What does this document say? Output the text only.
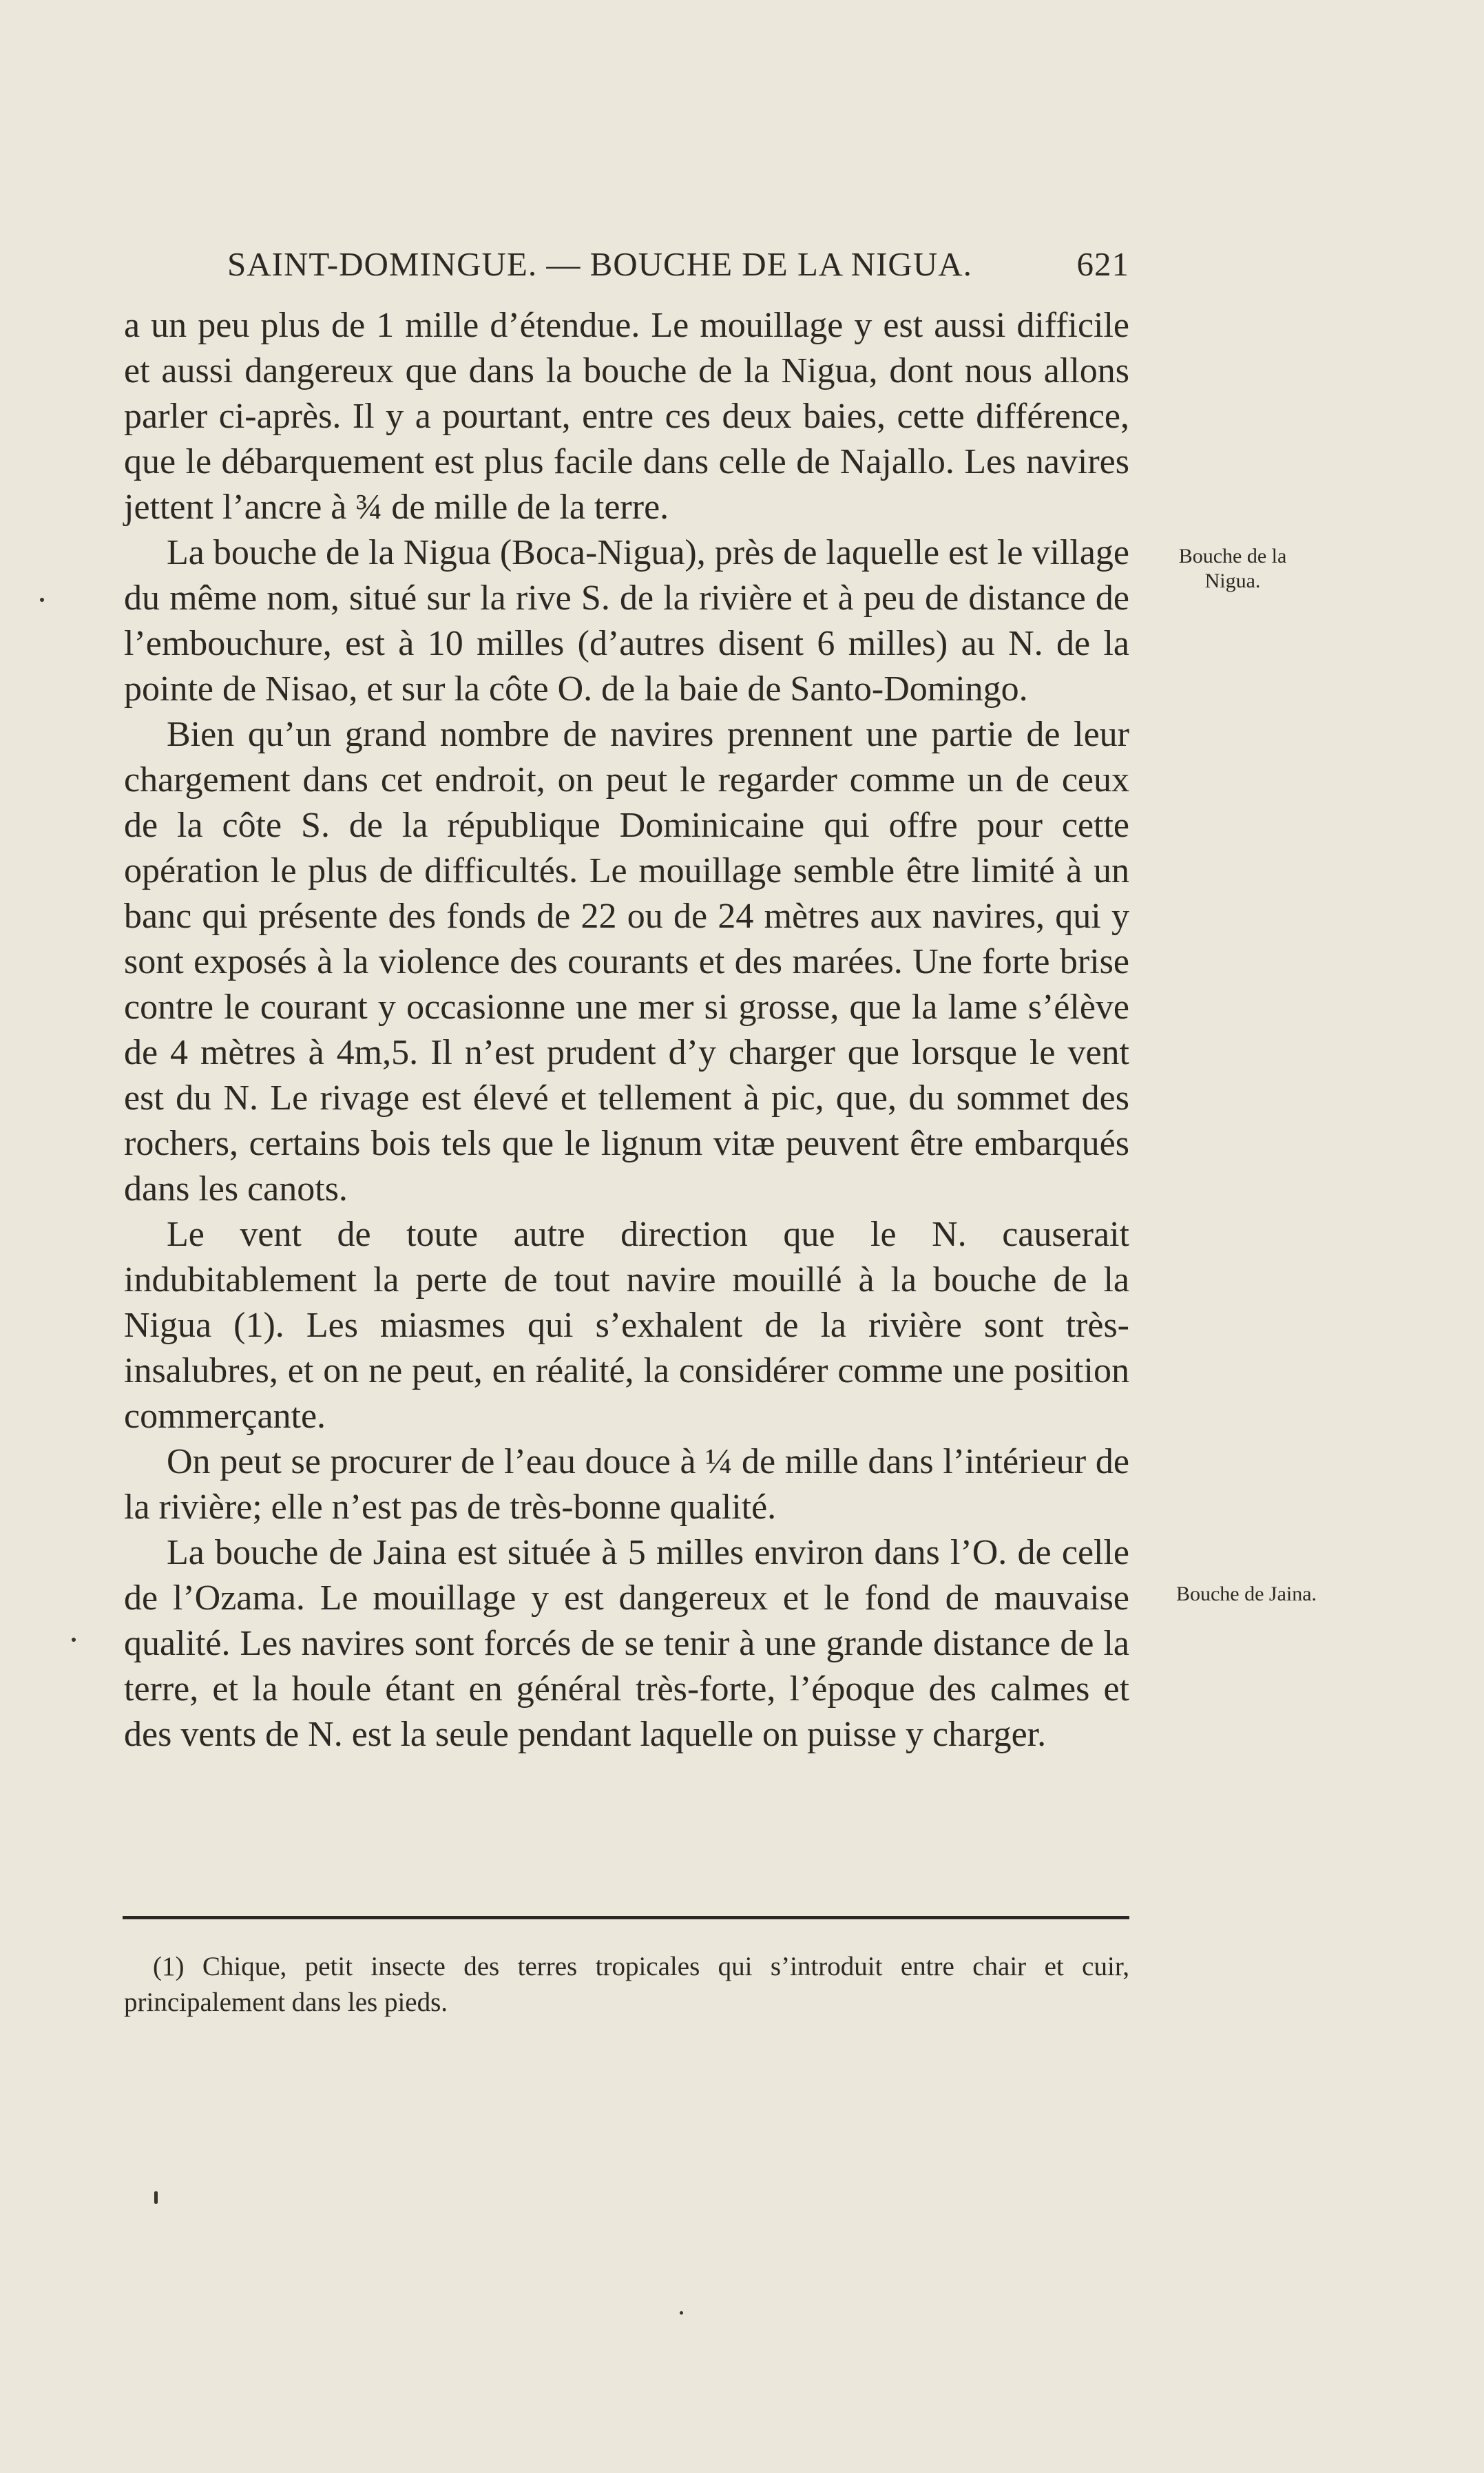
SAINT-DOMINGUE. — BOUCHE DE LA NIGUA.	621

a un peu plus de 1 mille d’étendue. Le mouillage y est aussi difficile et aussi dangereux que dans la bouche de la Nigua, dont nous allons parler ci-après. Il y a pourtant, entre ces deux baies, cette différence, que le débarquement est plus facile dans celle de Najallo. Les navires jettent l’ancre à ¾ de mille de la terre.

La bouche de la Nigua (Boca-Nigua), près de laquelle est le village du même nom, situé sur la rive S. de la rivière et à peu de distance de l’embouchure, est à 10 milles (d’autres disent 6 milles) au N. de la pointe de Nisao, et sur la côte O. de la baie de Santo-Domingo.

Bien qu’un grand nombre de navires prennent une partie de leur chargement dans cet endroit, on peut le regarder comme un de ceux de la côte S. de la république Dominicaine qui offre pour cette opération le plus de difficultés. Le mouillage semble être limité à un banc qui présente des fonds de 22 ou de 24 mètres aux navires, qui y sont exposés à la violence des courants et des marées. Une forte brise contre le courant y occasionne une mer si grosse, que la lame s’élève de 4 mètres à 4m,5. Il n’est prudent d’y charger que lorsque le vent est du N. Le rivage est élevé et tellement à pic, que, du sommet des rochers, certains bois tels que le lignum vitæ peuvent être embarqués dans les canots.

Le vent de toute autre direction que le N. causerait indubitablement la perte de tout navire mouillé à la bouche de la Nigua (1). Les miasmes qui s’exhalent de la rivière sont très-insalubres, et on ne peut, en réalité, la considérer comme une position commerçante.

On peut se procurer de l’eau douce à ¼ de mille dans l’intérieur de la rivière; elle n’est pas de très-bonne qualité.

La bouche de Jaina est située à 5 milles environ dans l’O. de celle de l’Ozama. Le mouillage y est dangereux et le fond de mauvaise qualité. Les navires sont forcés de se tenir à une grande distance de la terre, et la houle étant en général très-forte, l’époque des calmes et des vents de N. est la seule pendant laquelle on puisse y charger.

Bouche de la Nigua.
Bouche de Jaina.
(1) Chique, petit insecte des terres tropicales qui s’introduit entre chair et cuir, principalement dans les pieds.
